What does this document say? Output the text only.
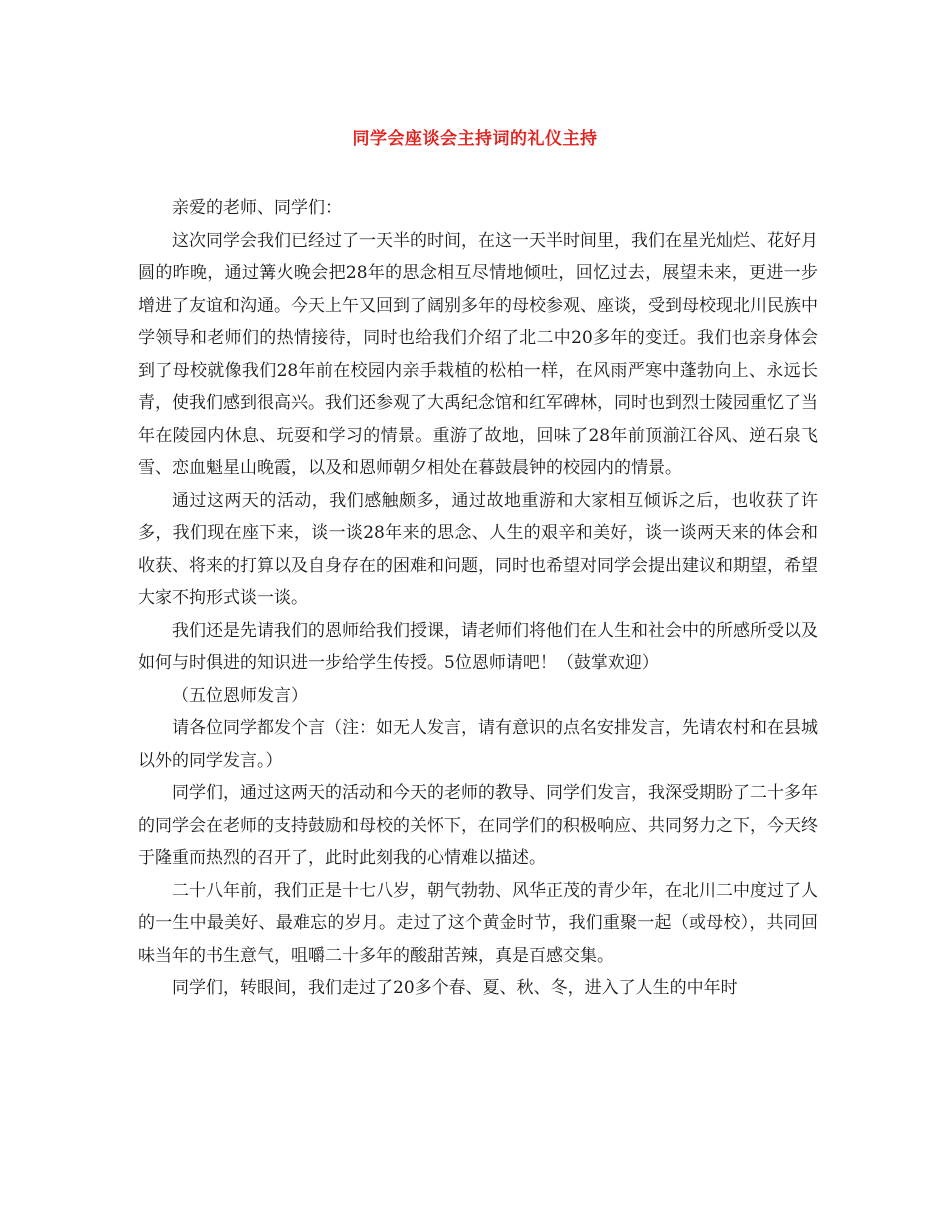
同学会座谈会主持词的礼仪主持

亲爱的老师、同学们：

这次同学会我们已经过了一天半的时间，在这一天半时间里，我们在星光灿烂、花好月圆的昨晚，通过篝火晚会把28年的思念相互尽情地倾吐，回忆过去，展望未来，更进一步增进了友谊和沟通。今天上午又回到了阔别多年的母校参观、座谈，受到母校现北川民族中学领导和老师们的热情接待，同时也给我们介绍了北二中20多年的变迁。我们也亲身体会到了母校就像我们28年前在校园内亲手栽植的松柏一样，在风雨严寒中蓬勃向上、永远长青，使我们感到很高兴。我们还参观了大禹纪念馆和红军碑林，同时也到烈士陵园重忆了当年在陵园内休息、玩耍和学习的情景。重游了故地，回味了28年前顶湔江谷风、逆石泉飞雪、恋血魁星山晚霞，以及和恩师朝夕相处在暮鼓晨钟的校园内的情景。

通过这两天的活动，我们感触颇多，通过故地重游和大家相互倾诉之后，也收获了许多，我们现在座下来，谈一谈28年来的思念、人生的艰辛和美好，谈一谈两天来的体会和收获、将来的打算以及自身存在的困难和问题，同时也希望对同学会提出建议和期望，希望大家不拘形式谈一谈。

我们还是先请我们的恩师给我们授课，请老师们将他们在人生和社会中的所感所受以及如何与时俱进的知识进一步给学生传授。5位恩师请吧！（鼓掌欢迎）

（五位恩师发言）

请各位同学都发个言（注：如无人发言，请有意识的点名安排发言，先请农村和在县城以外的同学发言。）

同学们，通过这两天的活动和今天的老师的教导、同学们发言，我深受期盼了二十多年的同学会在老师的支持鼓励和母校的关怀下，在同学们的积极响应、共同努力之下，今天终于隆重而热烈的召开了，此时此刻我的心情难以描述。

二十八年前，我们正是十七八岁，朝气勃勃、风华正茂的青少年，在北川二中度过了人的一生中最美好、最难忘的岁月。走过了这个黄金时节，我们重聚一起（或母校），共同回味当年的书生意气，咀嚼二十多年的酸甜苦辣，真是百感交集。

同学们，转眼间，我们走过了20多个春、夏、秋、冬，进入了人生的中年时
